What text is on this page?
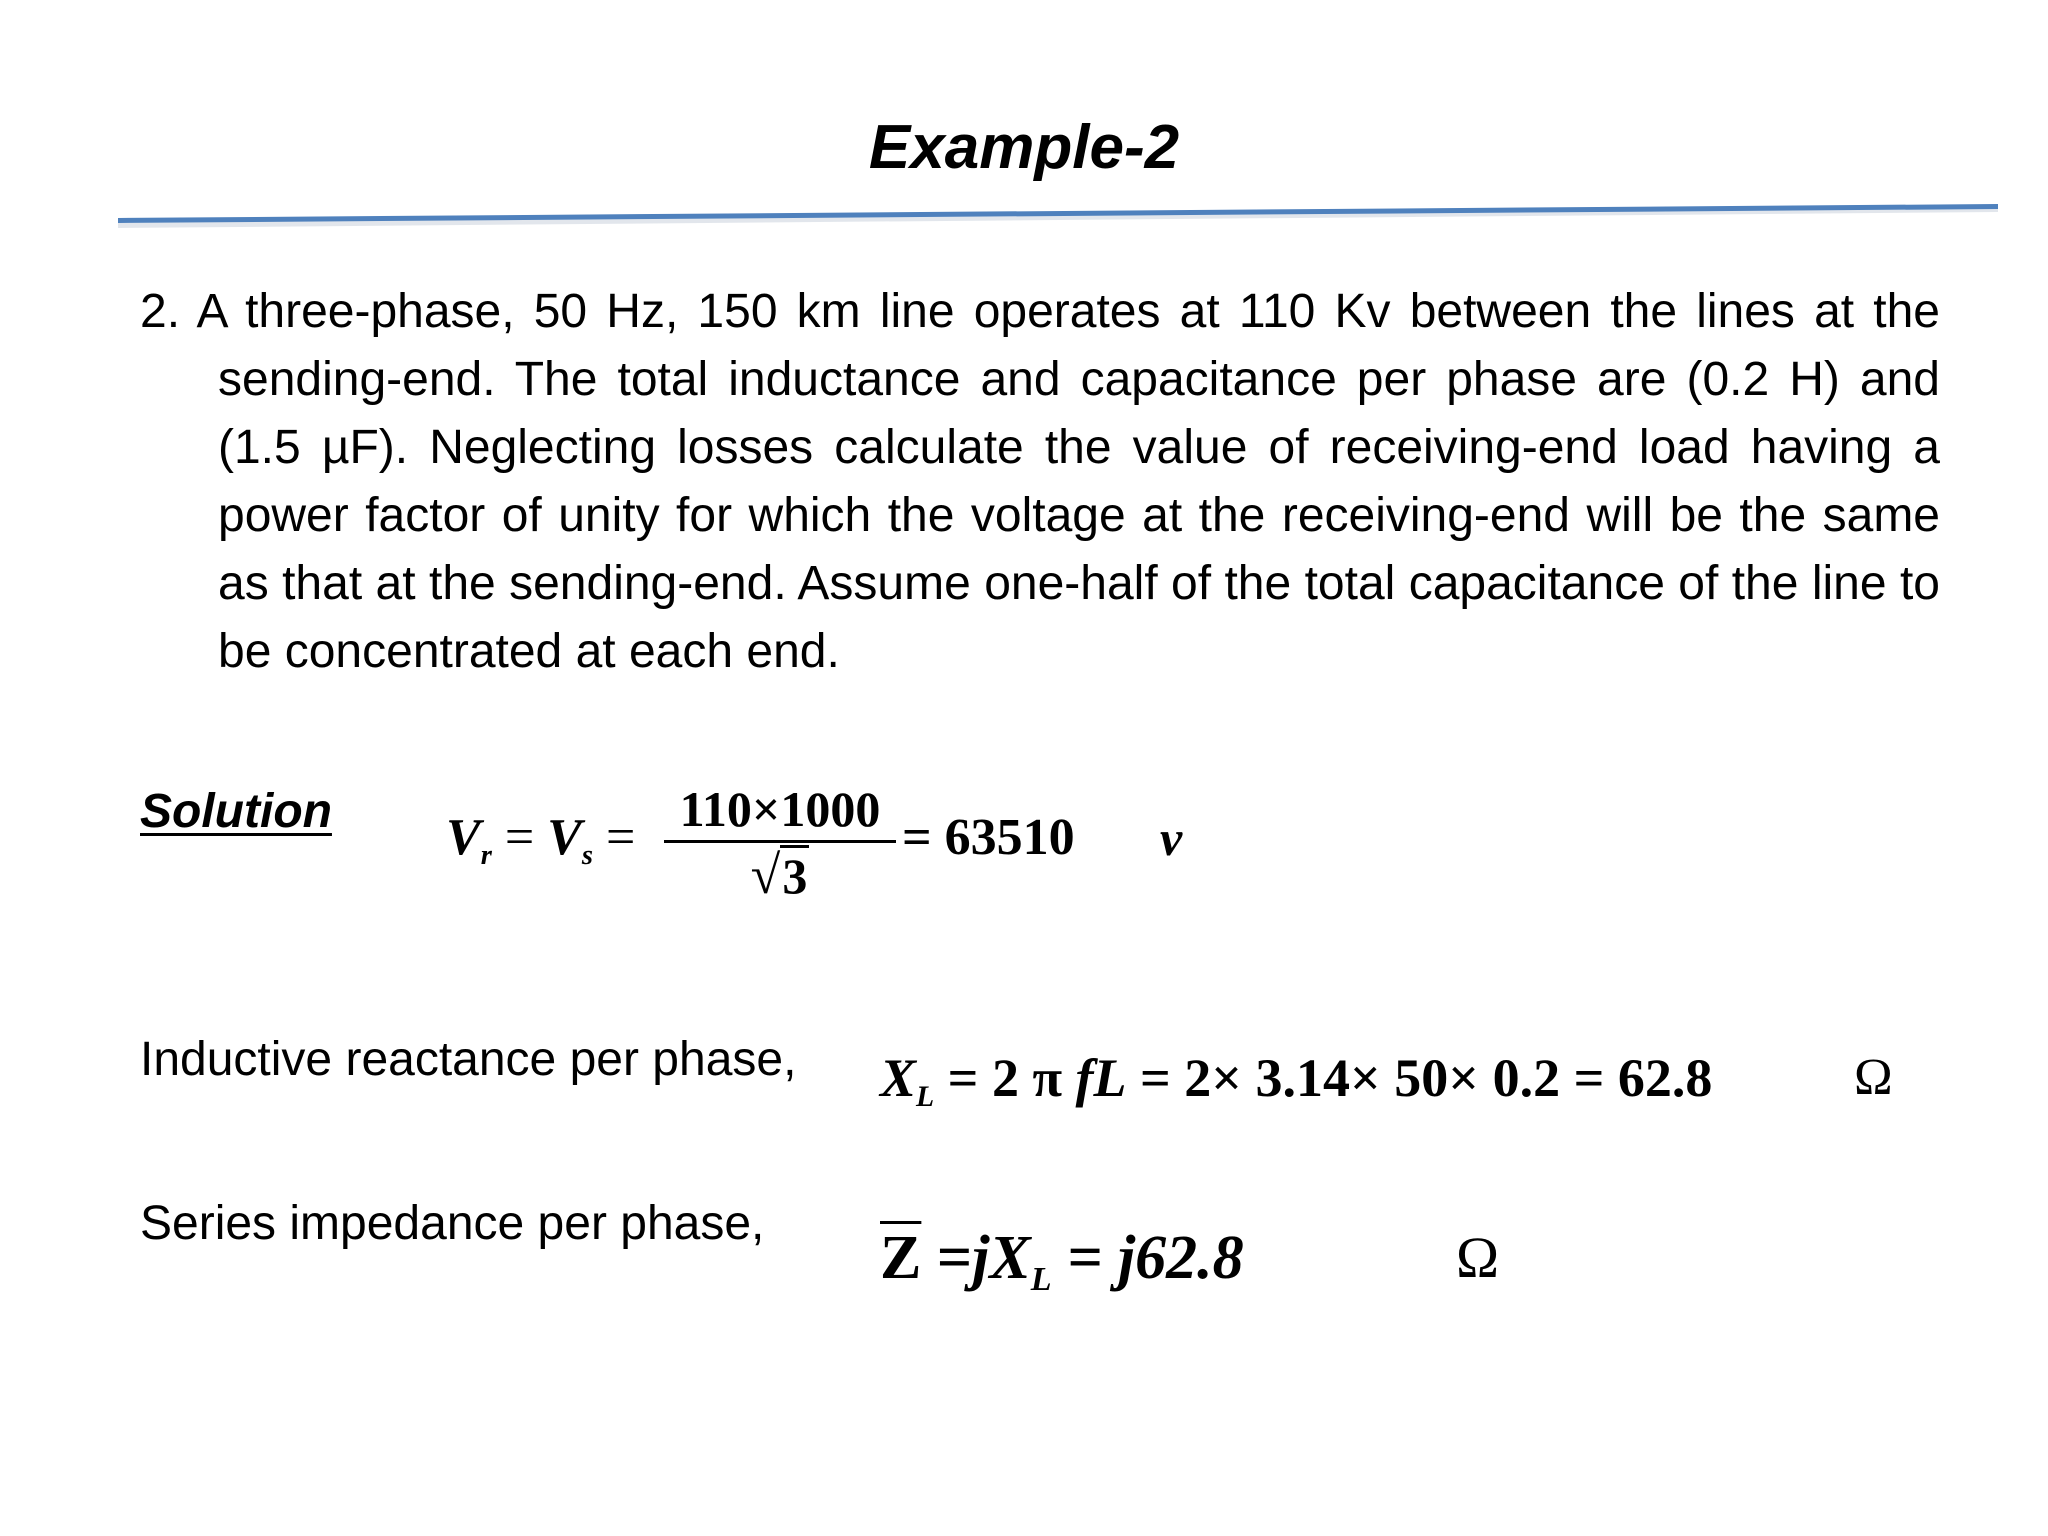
Example-2
2. A three-phase, 50 Hz, 150 km line operates at 110 Kv between the lines at the sending-end. The total inductance and capacitance per phase are (0.2 H) and (1.5 µF). Neglecting losses calculate the value of receiving-end load having a power factor of unity for which the voltage at the receiving-end will be the same as that at the sending-end. Assume one-half of the total capacitance of the line to be concentrated at each end.
Solution Vr = Vs = 110×1000
√3
= 63510 v
Inductive reactance per phase, XL = 2 π fL = 2× 3.14× 50× 0.2 = 62.8	Ω
Series impedance per phase,
$\overline{Z} =jXL = j62.8$	Ω
